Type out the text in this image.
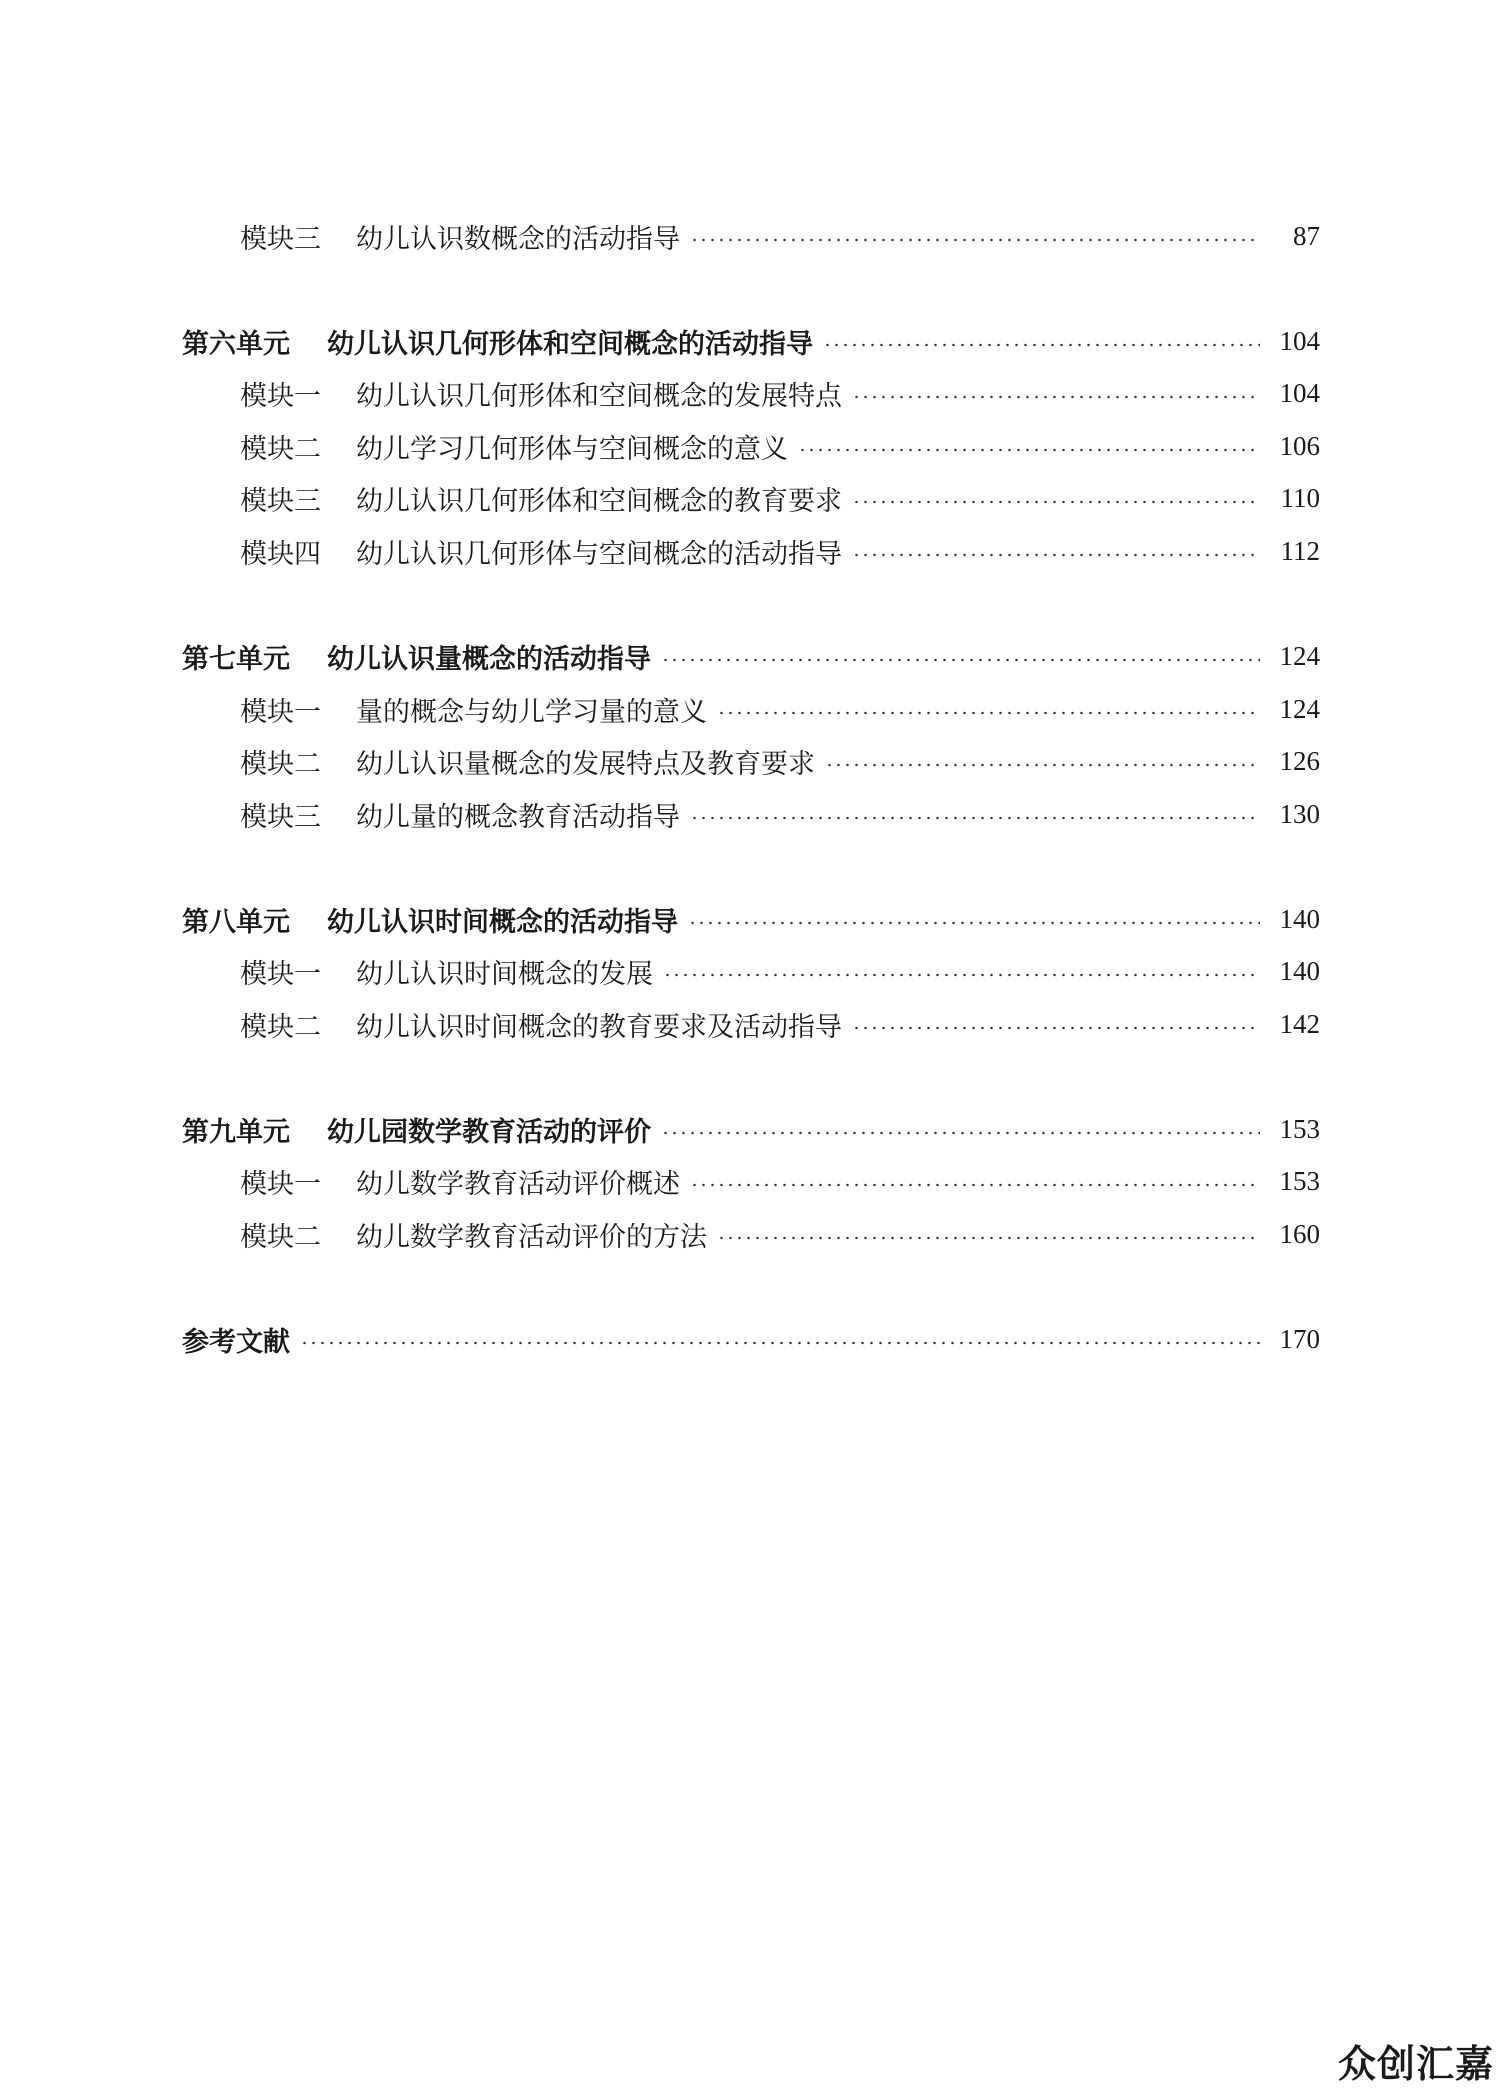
模块三	幼儿认识数概念的活动指导	87
第六单元	幼儿认识几何形体和空间概念的活动指导	104
模块一	幼儿认识几何形体和空间概念的发展特点	104
模块二	幼儿学习几何形体与空间概念的意义	106
模块三	幼儿认识几何形体和空间概念的教育要求	110
模块四	幼儿认识几何形体与空间概念的活动指导	112
第七单元	幼儿认识量概念的活动指导	124
模块一	量的概念与幼儿学习量的意义	124
模块二	幼儿认识量概念的发展特点及教育要求	126
模块三	幼儿量的概念教育活动指导	130
第八单元	幼儿认识时间概念的活动指导	140
模块一	幼儿认识时间概念的发展	140
模块二	幼儿认识时间概念的教育要求及活动指导	142
第九单元	幼儿园数学教育活动的评价	153
模块一	幼儿数学教育活动评价概述	153
模块二	幼儿数学教育活动评价的方法	160
参考文献	170
众创汇嘉
